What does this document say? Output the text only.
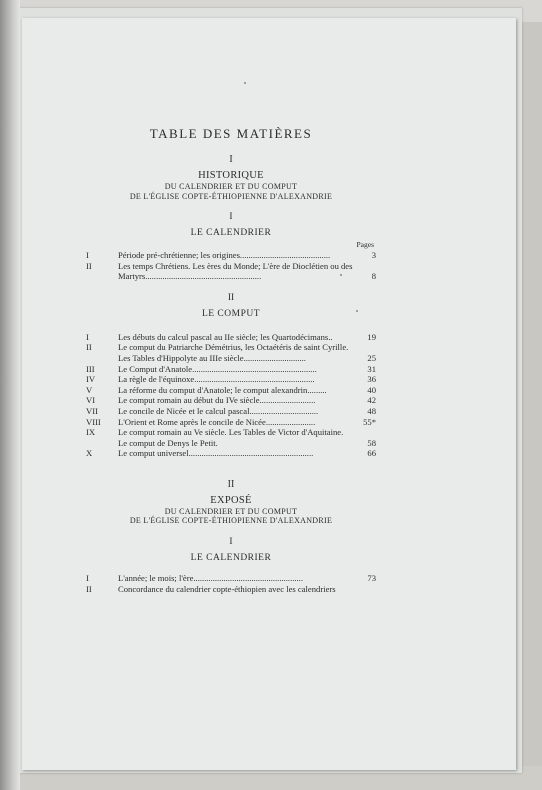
TABLE DES MATIÈRES
I
HISTORIQUE
DU CALENDRIER ET DU COMPUT
DE L'ÉGLISE COPTE-ÉTHIOPIENNE D'ALEXANDRIE
I
LE CALENDRIER
Pages
I	Période pré-chrétienne; les origines..........................................	3
II	Les temps Chrétiens. Les ères du Monde; L'ère de Dioclétien ou des Martyrs......................................................	8
II
LE COMPUT
I	Les débuts du calcul pascal au IIe siècle; les Quartodécimans..	19
II	Le comput du Patriarche Démétrius, les Octaétéris de saint Cyrille. Les Tables d'Hippolyte au IIIe siècle.............................	25
III	Le Comput d'Anatole..........................................................	31
IV	La règle de l'équinoxe........................................................	36
V	La réforme du comput d'Anatole; le comput alexandrin.........	40
VI	Le comput romain au début du IVe siècle..........................	42
VII Le concile de Nicée et le calcul pascal................................	48
VIII L'Orient et Rome après le concile de Nicée.......................	55*
IX	Le comput romain au Ve siècle. Les Tables de Victor d'Aquitaine. Le comput de Denys le Petit.	58
X	Le comput universel..........................................................	66
II
EXPOSÉ
DU CALENDRIER ET DU COMPUT
DE L'ÉGLISE COPTE-ÉTHIOPIENNE D'ALEXANDRIE
I
LE CALENDRIER
I	L'année; le mois; l'ère...................................................	73
II	Concordance du calendrier copte-éthiopien avec les calendriers
